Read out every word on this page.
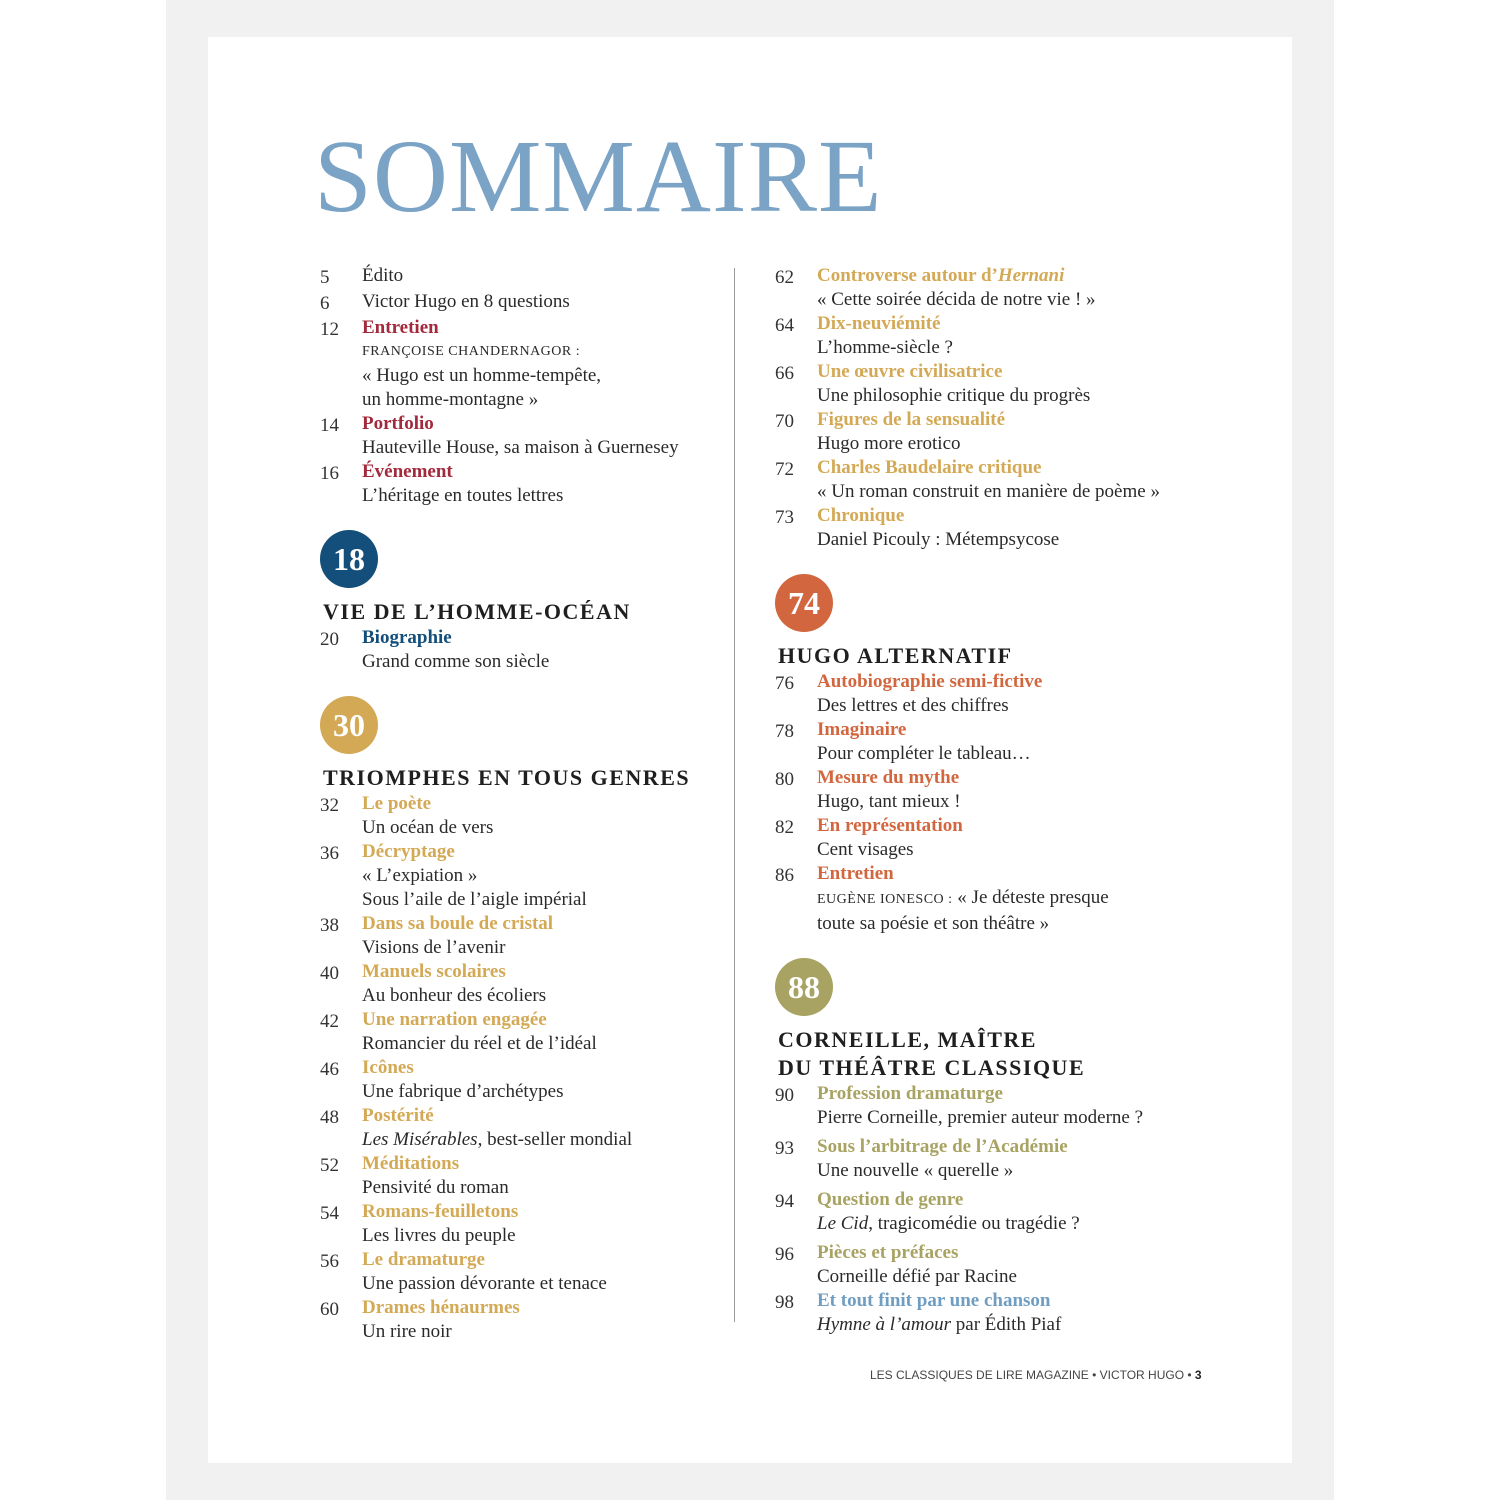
SOMMAIRE
5	Édito
6	Victor Hugo en 8 questions
12	Entretien
FRANÇOISE CHANDERNAGOR :
« Hugo est un homme-tempête,
un homme-montagne »
14	Portfolio
Hauteville House, sa maison à Guernesey
16	Événement
L’héritage en toutes lettres
18
VIE DE L’HOMME-OCÉAN
20	Biographie
Grand comme son siècle
30
TRIOMPHES EN TOUS GENRES
32	Le poète
Un océan de vers
36	Décryptage
« L’expiation »
Sous l’aile de l’aigle impérial
38	Dans sa boule de cristal
Visions de l’avenir
40	Manuels scolaires
Au bonheur des écoliers
42	Une narration engagée
Romancier du réel et de l’idéal
46	Icônes
Une fabrique d’archétypes
48	Postérité
Les Misérables, best-seller mondial
52	Méditations
Pensivité du roman
54	Romans-feuilletons
Les livres du peuple
56	Le dramaturge
Une passion dévorante et tenace
60	Drames hénaurmes
Un rire noir
62	Controverse autour d’Hernani
« Cette soirée décida de notre vie ! »
64	Dix-neuviémité
L’homme-siècle ?
66	Une œuvre civilisatrice
Une philosophie critique du progrès
70	Figures de la sensualité
Hugo more erotico
72	Charles Baudelaire critique
« Un roman construit en manière de poème »
73	Chronique
Daniel Picouly : Métempsycose
74
HUGO ALTERNATIF
76	Autobiographie semi-fictive
Des lettres et des chiffres
78	Imaginaire
Pour compléter le tableau…
80	Mesure du mythe
Hugo, tant mieux !
82	En représentation
Cent visages
86	Entretien
EUGÈNE IONESCO : « Je déteste presque
toute sa poésie et son théâtre »
88
CORNEILLE, MAÎTRE
DU THÉÂTRE CLASSIQUE
90	Profession dramaturge
Pierre Corneille, premier auteur moderne ?
93	Sous l’arbitrage de l’Académie
Une nouvelle « querelle »
94	Question de genre
Le Cid, tragicomédie ou tragédie ?
96	Pièces et préfaces
Corneille défié par Racine
98	Et tout finit par une chanson
Hymne à l’amour par Édith Piaf
LES CLASSIQUES DE LIRE MAGAZINE • VICTOR HUGO • 3
